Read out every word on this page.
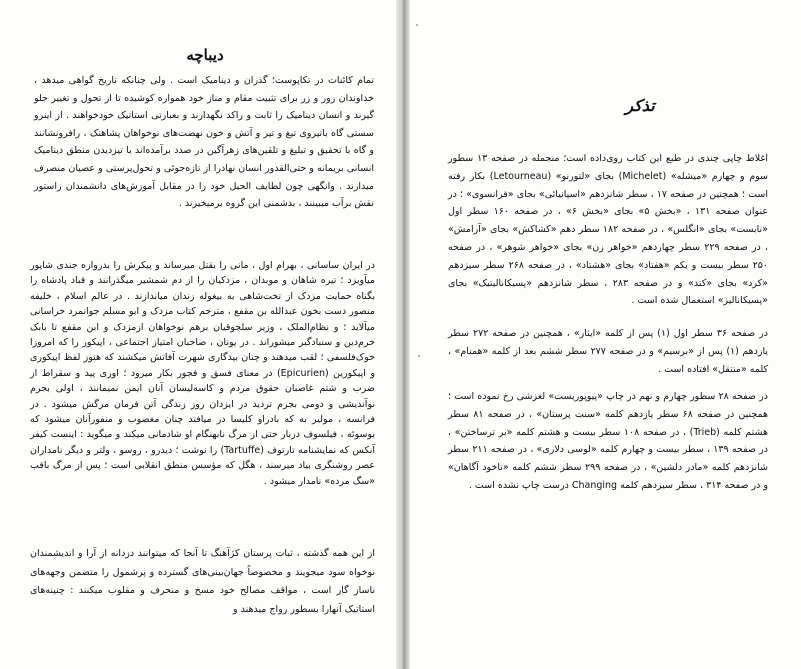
دیباچه
تمام کائنات در تکاپوست؛ گذران و دینامیک است . ولی چنانکه تاریخ گواهی میدهد ، خداوندان زور و زر برای تثبیت مقام و مناز خود همواره کوشیده تا از تحول و تغییر جلو گیرند و انسان دینامیک را ثابت و راکد نگهدارند و بعبارتی استاتیک خودخواهند . از اینرو سستی گاه باتیروی تیغ و تیر و آتش و خون نهضت‌های نوخواهان پشاهنک ، رافرونشانند و گاه با تحقیق و تبلیغ و تلقین‌های زهرآگین در صدد برآمده‌اند با تیزدیدن منطق دینامیک انسانی بریمانه و حتی‌القدور انسان نهادرا از تازه‌جوئی و تحول‌پرستی و عصیان منصرف میدارند . وانگهی چون لطایف الحیل خود را در مقابل آموزش‌های دانشمندان راستور نقش برآب میبینند ، بدشمنی این گروه برمیخیزند .
در ایران ساسانی ، بهرام اول ، مانی را بقتل میرساند و پیکرش را بدروازه جندی شاپور میآویزد ؛ تیره شاهان و موبدان ، مزدکیان را از دم شمشیر میگذرانند و قباد پادشاه را بگناه حمایت مزدک از تخت‌شاهی به بیغوله زندان میاندازند . در عالم اسلام ، خلیفه منصور دست بخون عبدالله بن مقفع ، مترجم کتاب مزدک و ابو مسلم جوانمرد خراسانی میآلاید ؛ و نظام‌الملک ، وزیر سلجوقیان برهم نوخواهان ازمزدک و ابن مقفع تا بابک خرم‌دین و سنبادگبر میشوراند . در یونان ، صاحبان امتیاز اجتماعی ، اپیکور را که امروزا خوک‌فلسفی ؛ لقب میدهند و چنان بیدگاری شهرت آفاتش میکشند که هنوز لفظ اپیکوری و اپیکورین (Epicurien) در معنای فسق و فجور بکار میرود ؛ اوری پید و سقراط از ضرب و شتم غاصبان حقوق مردم و کاسه‌لیسان آنان ایمن نمیمانند ، اولی بجرم نوآندیشی و دومی بجرم تردید در ایزدان روز زندگی آتن فرمان مرگش میشود . در فرانسه ، مولیر به که بادراو کلیسا در میافتد چنان مغضوب و منفورآنان میشود که بوسوئه ، فیلسوف دربار حتی از مرگ نابهنگام او شادمانی میکند و میگوید : اینست کیفر آنکس که نمایشنامه تارتوف (Tartuffe) را نوشت ؛ دیدرو ، روسو ، ولتر و دیگر نامداران عصر روشنگری بیاد میرسند ، هگل که مؤسس منطق انقلابی است ؛ پس از مرگ باقب «سگ مرده» نامدار میشود .
از این همه گذشته ، ثبات پرستان کژآهنگ تا آنجا که میتوانند دزدانه از آرا و اندیشمندان نوخواه سود میجویند و مخصوصاً جهان‌بینی‌های گسترده و پرشمول را متضمن وجهه‌های ناساز گار است ، مواقف مصالح خود مسخ و منحرف و مقلوب میکنند : چنینه‌های استاتیک آنهارا بسطور رواج میدهند و
تذکر
اغلاط چاپی چندی در طبع این کتاب روی‌داده است؛ منجمله در صفحه ۱۳ سطور سوم و چهارم «میشله» (Michelet) بجای «لتورنو» (Letourneau) بکار رفته است ؛ همچنین در صفحه ۱۷ ، سطر شانزدهم «اسپانیائی» بجای «فرانسوی» ؛ در عنوان صفحه ۱۳۱ ، «بخش ۵» بجای «بخش ۶» ، در صفحه ۱۶۰ سطر اول «نابست» بجای «انگلس» ، در صفحه ۱۸۲ سطر دهم «کشاکش» بجای «آرامش» ، در صفحه ۲۲۹ سطر چهاردهم «خواهر زن» بجای «خواهر شوهر» ، در صفحه ۲۵۰ سطر بیست و یکم «هفتاد» بجای «هشتاد» ، در صفحه ۲۶۸ سطر سیزدهم «کرد» بجای «کند» و در صفحه ۲۸۳ ، سطر شانزدهم «پسیکانالیتیک» بجای «پسیکانالیز» استعمال شده است .
در صفحه ۳۶ سطر اول (۱) پس از کلمه «ایثار» ، همچنین در صفحه ۲۷۲ سطر یازدهم (۱) پس از «برسیم» و در صفحه ۲۷۷ سطر ششم بعد از کلمه «همنام» ، کلمه «منتقل» افتاده است .
در صفحه ۲۸ سطور چهارم و نهم در چاپ «پیوپوریست» لغزشی رخ نموده است ؛ همچنین در صفحه ۶۸ سطر یازدهم کلمه «سنت پرستان» ، در صفحه ۸۱ سطر هشتم کلمه (Trieb) ، در صفحه ۱۰۸ سطر بیست و هشتم کلمه «بر ترساختن» ، در صفحه ۱۳۹ ، سطر بیست و چهارم کلمه «لوسی دلاری» ، در صفحه ۲۱۱ سطر شانزدهم کلمه «مادر دلشین» ، در صفحه ۲۹۹ سطر ششم کلمه «ناخود آگاهان» و در صفحه ۳۱۴ ، سطر سیزدهم کلمه Changing درست چاپ نشده است .
